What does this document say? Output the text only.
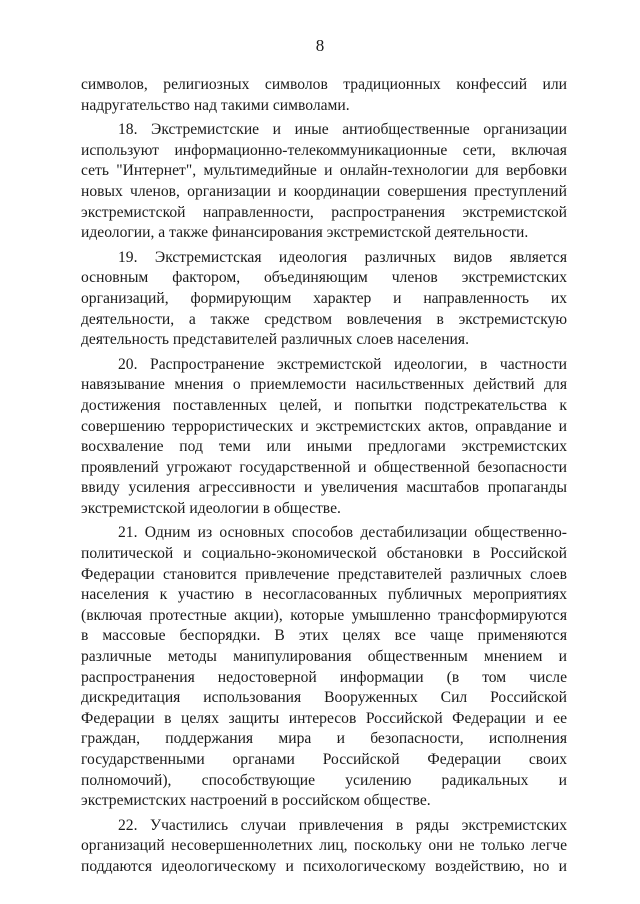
8
символов, религиозных символов традиционных конфессий или
надругательство над такими символами.
18. Экстремистские и иные антиобщественные организации
используют информационно-телекоммуникационные сети, включая
сеть "Интернет", мультимедийные и онлайн-технологии для вербовки
новых членов, организации и координации совершения преступлений
экстремистской направленности, распространения экстремистской
идеологии, а также финансирования экстремистской деятельности.
19. Экстремистская идеология различных видов является
основным фактором, объединяющим членов экстремистских
организаций, формирующим характер и направленность их
деятельности, а также средством вовлечения в экстремистскую
деятельность представителей различных слоев населения.
20. Распространение экстремистской идеологии, в частности
навязывание мнения о приемлемости насильственных действий для
достижения поставленных целей, и попытки подстрекательства к
совершению террористических и экстремистских актов, оправдание и
восхваление под теми или иными предлогами экстремистских
проявлений угрожают государственной и общественной безопасности
ввиду усиления агрессивности и увеличения масштабов пропаганды
экстремистской идеологии в обществе.
21. Одним из основных способов дестабилизации общественно-
политической и социально-экономической обстановки в Российской
Федерации становится привлечение представителей различных слоев
населения к участию в несогласованных публичных мероприятиях
(включая протестные акции), которые умышленно трансформируются
в массовые беспорядки. В этих целях все чаще применяются
различные методы манипулирования общественным мнением и
распространения недостоверной информации (в том числе
дискредитация использования Вооруженных Сил Российской
Федерации в целях защиты интересов Российской Федерации и ее
граждан, поддержания мира и безопасности, исполнения
государственными органами Российской Федерации своих
полномочий), способствующие усилению радикальных и
экстремистских настроений в российском обществе.
22. Участились случаи привлечения в ряды экстремистских
организаций несовершеннолетних лиц, поскольку они не только легче
поддаются идеологическому и психологическому воздействию, но и
